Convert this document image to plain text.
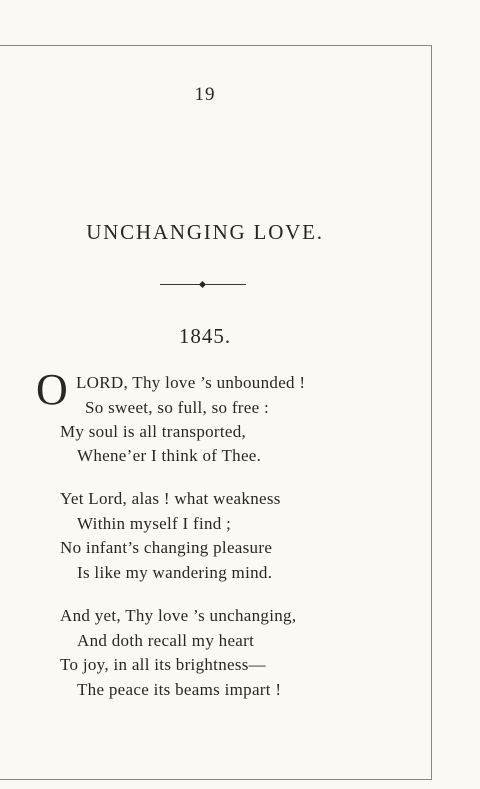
19
UNCHANGING LOVE.
1845.
O LORD, Thy love ’s unbounded !
So sweet, so full, so free :
My soul is all transported,
Whene’er I think of Thee.
Yet Lord, alas ! what weakness
Within myself I find ;
No infant’s changing pleasure
Is like my wandering mind.
And yet, Thy love ’s unchanging,
And doth recall my heart
To joy, in all its brightness—
The peace its beams impart !
